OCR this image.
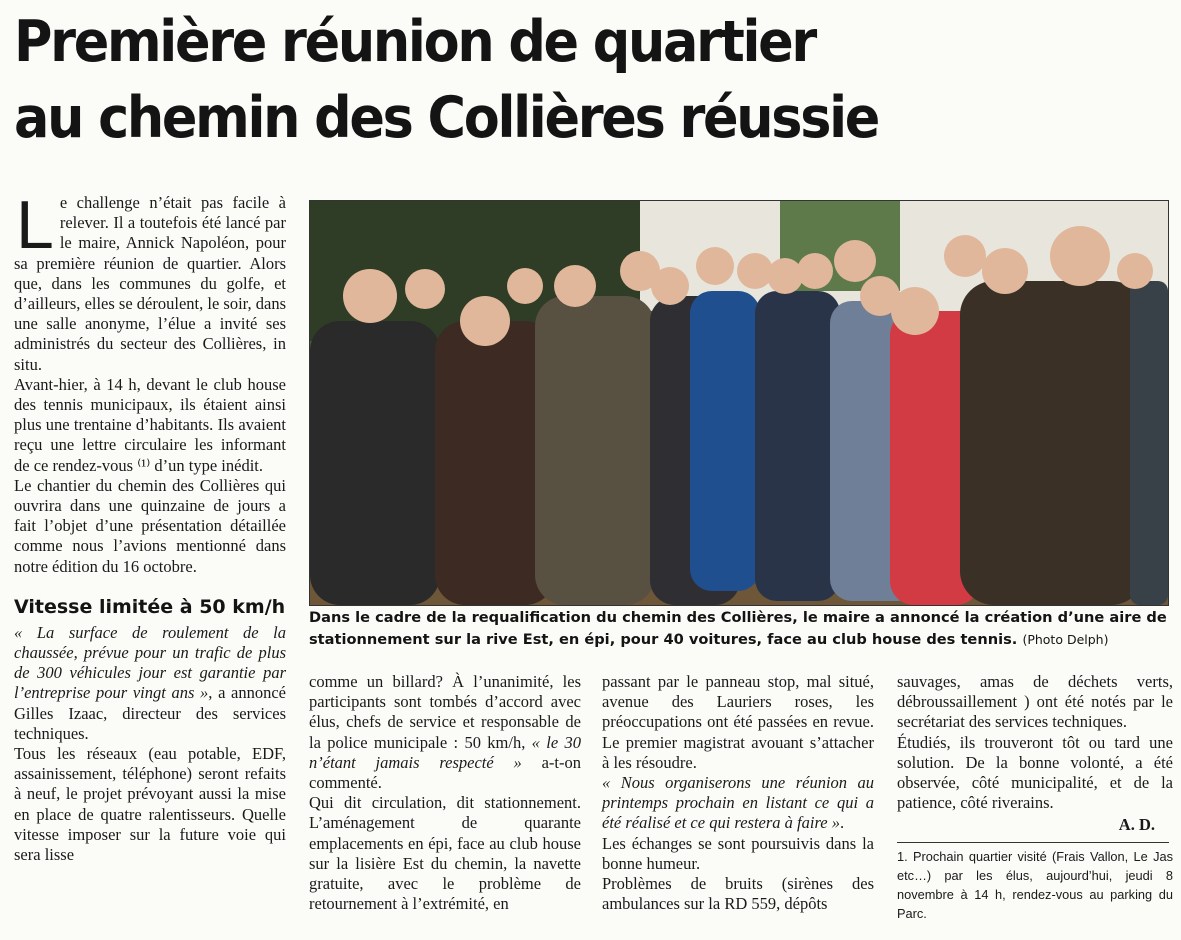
Première réunion de quartier
au chemin des Collières réussie

Le challenge n’était pas facile à relever. Il a toutefois été lancé par le maire, Annick Napoléon, pour sa première réunion de quartier. Alors que, dans les communes du golfe, et d’ailleurs, elles se déroulent, le soir, dans une salle anonyme, l’élue a invité ses administrés du secteur des Collières, in situ.

Avant-hier, à 14 h, devant le club house des tennis municipaux, ils étaient ainsi plus une trentaine d’habitants. Ils avaient reçu une lettre circulaire les informant de ce rendez-vous ⁽¹⁾ d’un type inédit.

Le chantier du chemin des Collières qui ouvrira dans une quinzaine de jours a fait l’objet d’une présentation détaillée comme nous l’avions mentionné dans notre édition du 16 octobre.

Vitesse limitée à 50 km/h

« La surface de roulement de la chaussée, prévue pour un trafic de plus de 300 véhicules jour est garantie par l’entreprise pour vingt ans », a annoncé Gilles Izaac, directeur des services techniques.

Tous les réseaux (eau potable, EDF, assainissement, téléphone) seront refaits à neuf, le projet prévoyant aussi la mise en place de quatre ralentisseurs. Quelle vitesse imposer sur la future voie qui sera lisse

Dans le cadre de la requalification du chemin des Collières, le maire a annoncé la création d’une aire de stationnement sur la rive Est, en épi, pour 40 voitures, face au club house des tennis. (Photo Delph)

comme un billard? À l’unanimité, les participants sont tombés d’accord avec élus, chefs de service et responsable de la police municipale : 50 km/h, « le 30 n’étant jamais respecté » a-t-on commenté.

Qui dit circulation, dit stationnement. L’aménagement de quarante emplacements en épi, face au club house sur la lisière Est du chemin, la navette gratuite, avec le problème de retournement à l’extrémité, en

passant par le panneau stop, mal situé, avenue des Lauriers roses, les préoccupations ont été passées en revue. Le premier magistrat avouant s’attacher à les résoudre.

« Nous organiserons une réunion au printemps prochain en listant ce qui a été réalisé et ce qui restera à faire ».

Les échanges se sont poursuivis dans la bonne humeur.

Problèmes de bruits (sirènes des ambulances sur la RD 559, dépôts

sauvages, amas de déchets verts, débroussaillement ) ont été notés par le secrétariat des services techniques.

Étudiés, ils trouveront tôt ou tard une solution. De la bonne volonté, a été observée, côté municipalité, et de la patience, côté riverains.

A. D.
1. Prochain quartier visité (Frais Vallon, Le Jas etc…) par les élus, aujourd’hui, jeudi 8 novembre à 14 h, rendez-vous au parking du Parc.
